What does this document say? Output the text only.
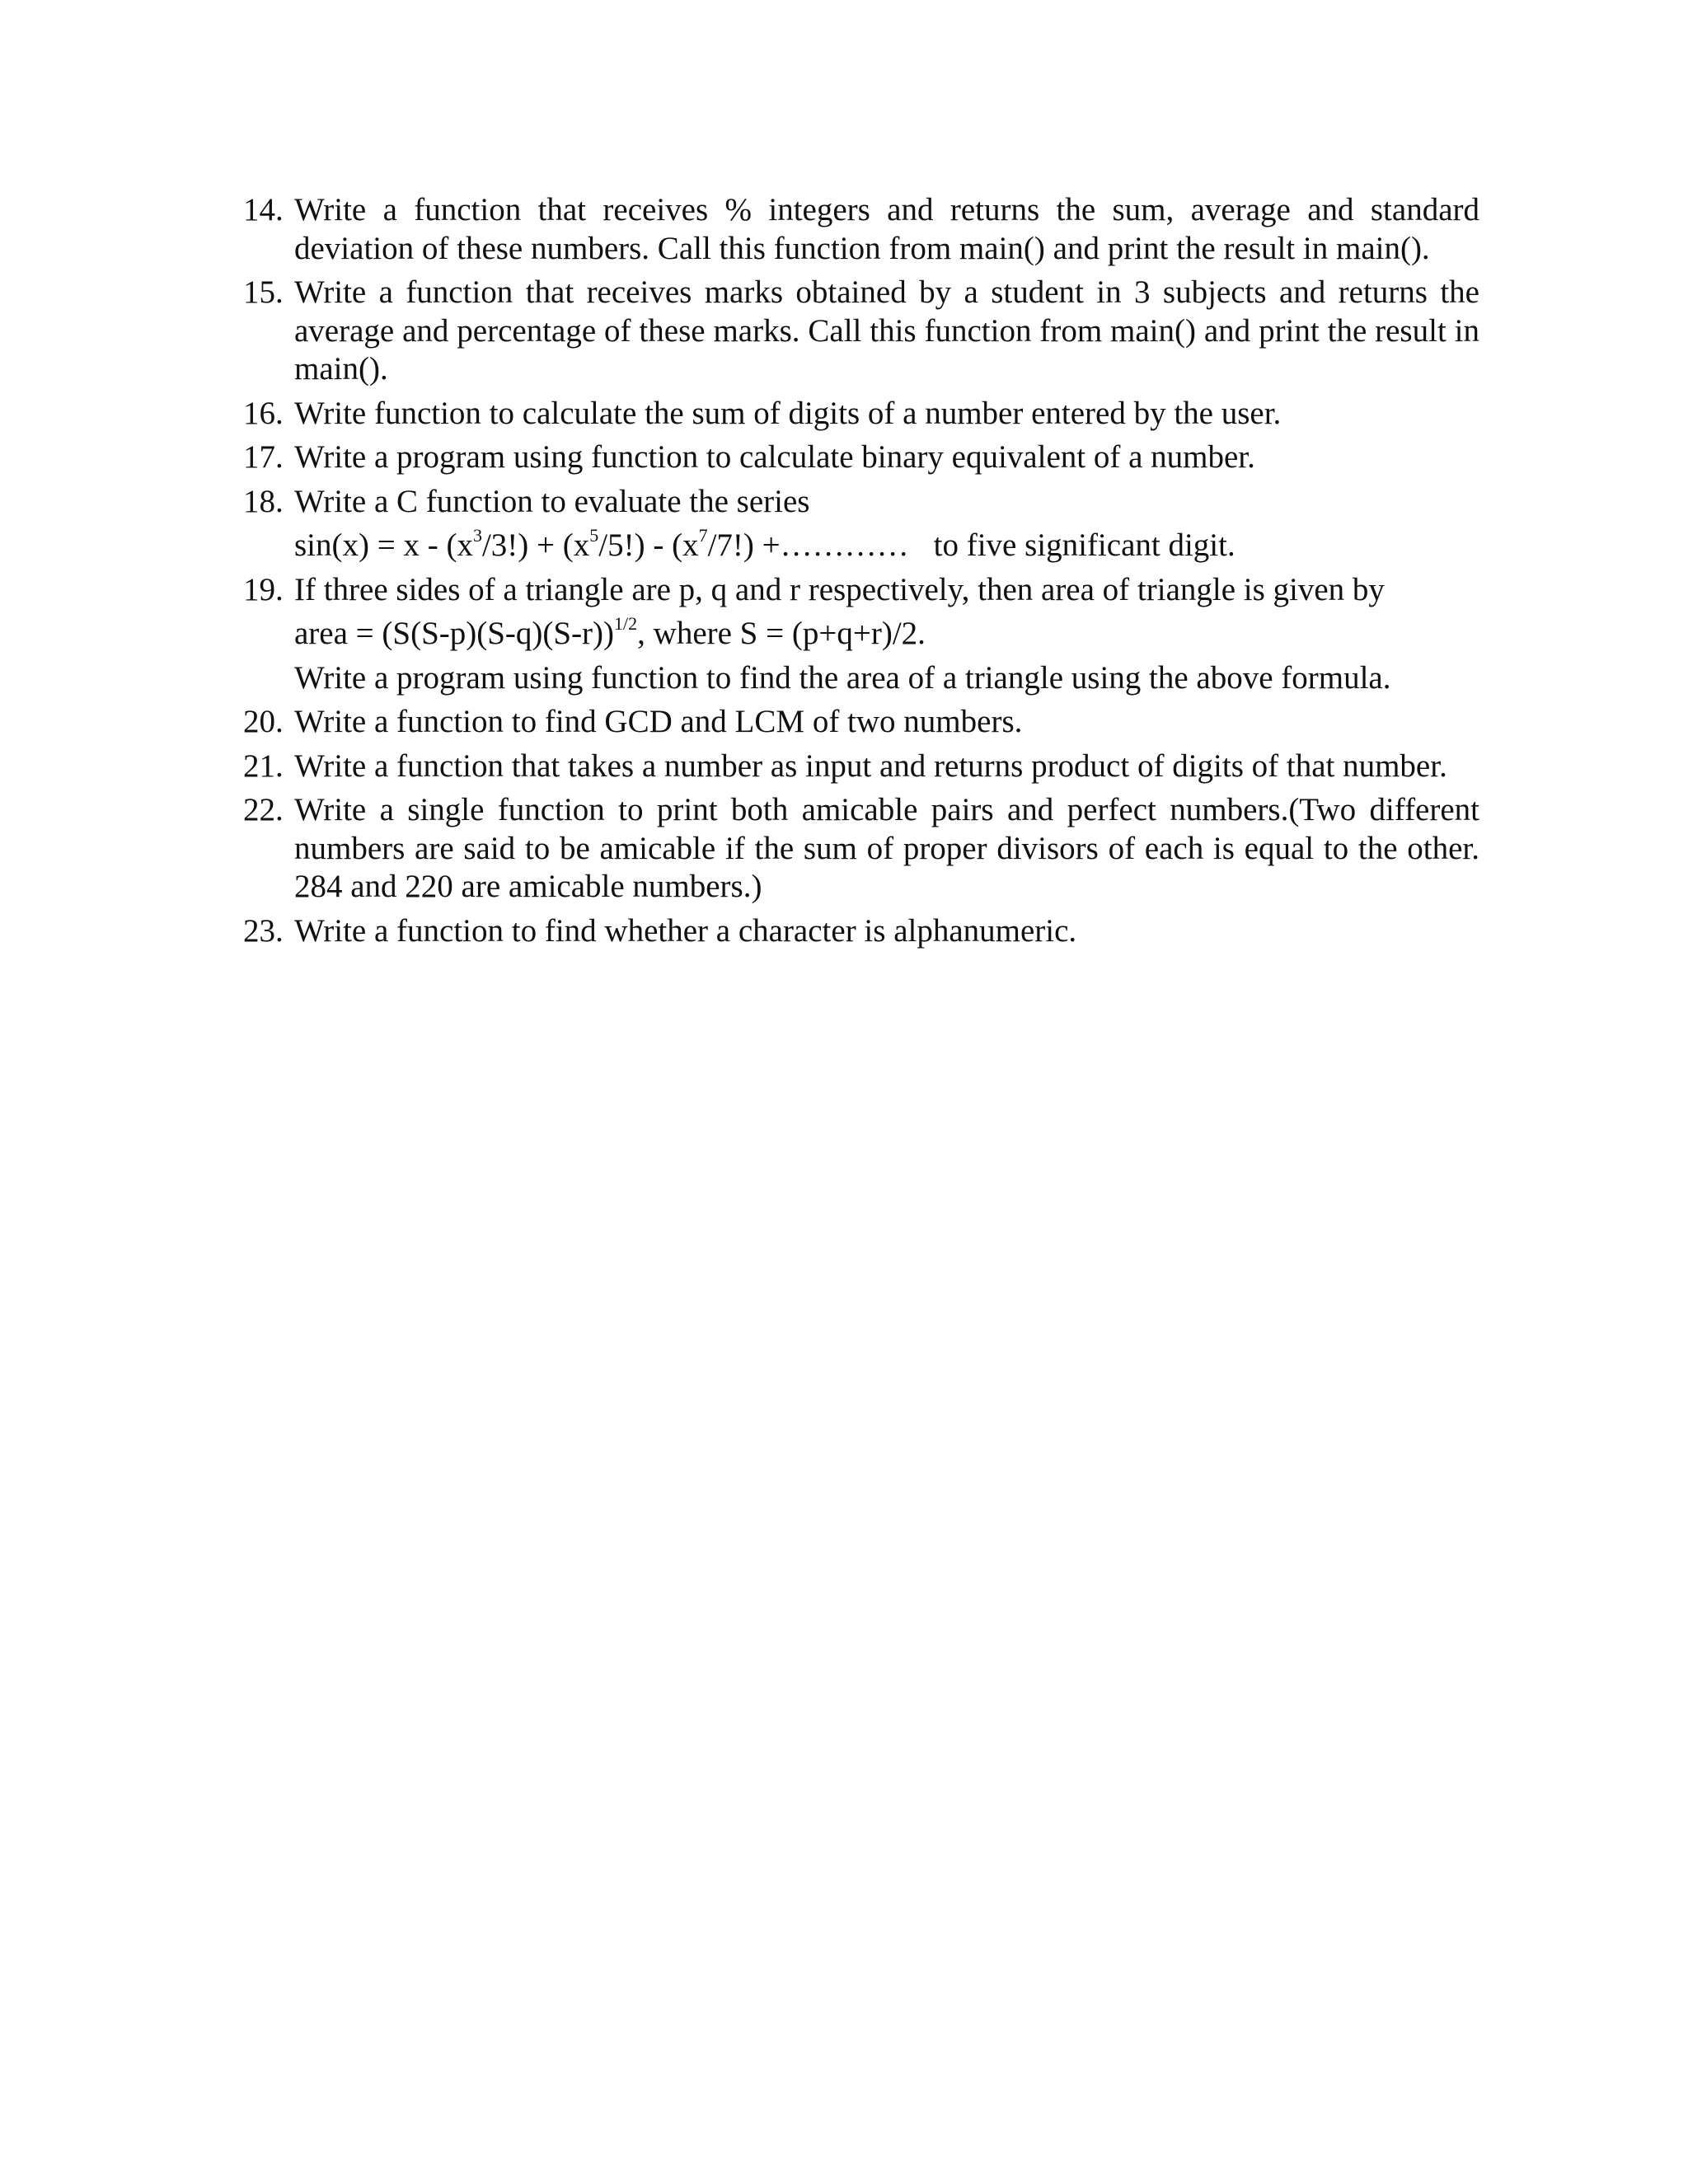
14. Write a function that receives % integers and returns the sum, average and standard deviation of these numbers. Call this function from main() and print the result in main().
15. Write a function that receives marks obtained by a student in 3 subjects and returns the average and percentage of these marks. Call this function from main() and print the result in main().
16. Write function to calculate the sum of digits of a number entered by the user.
17. Write a program using function to calculate binary equivalent of a number.
18. Write a C function to evaluate the series
$\sin(x) = x - (x^3/3!) + (x^5/5!) - (x^7/7!)$ +………… to five significant digit.
19. If three sides of a triangle are p, q and r respectively, then area of triangle is given by
area = $(S(S-p)(S-q)(S-r))^{1/2}$, where S = (p+q+r)/2.
Write a program using function to find the area of a triangle using the above formula.
20. Write a function to find GCD and LCM of two numbers.
21. Write a function that takes a number as input and returns product of digits of that number.
22. Write a single function to print both amicable pairs and perfect numbers.(Two different numbers are said to be amicable if the sum of proper divisors of each is equal to the other. 284 and 220 are amicable numbers.)
23. Write a function to find whether a character is alphanumeric.
